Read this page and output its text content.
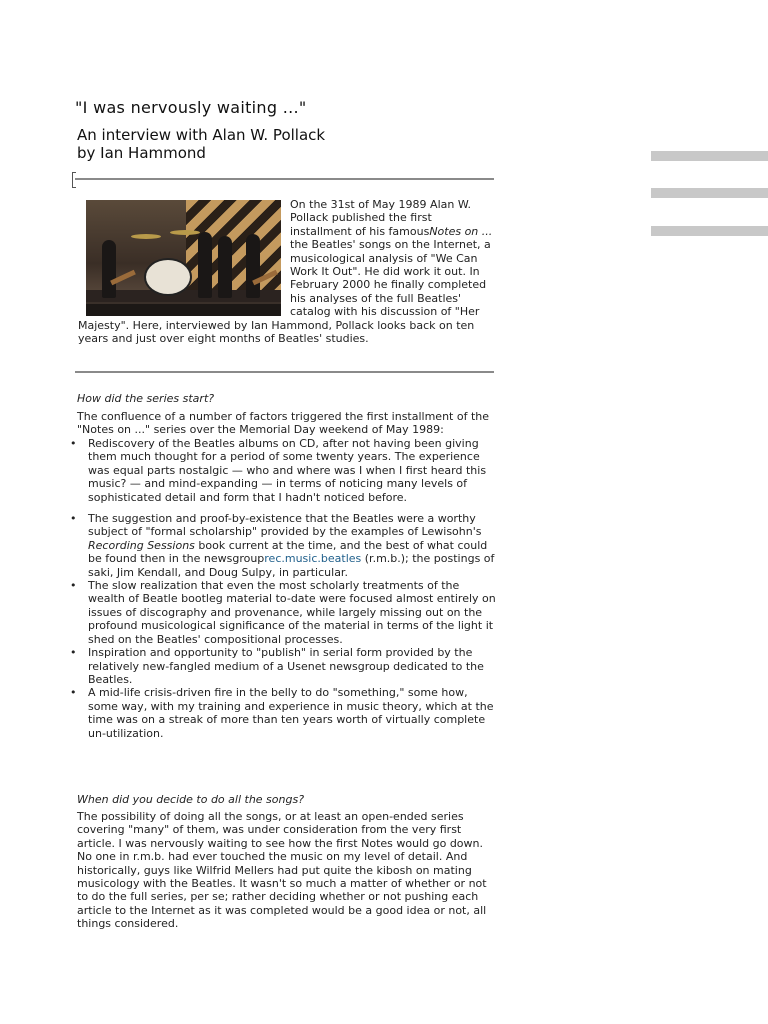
"I was nervously waiting ..."
An interview with Alan W. Pollack
by Ian Hammond
On the 31st of May 1989 Alan W. Pollack published the first installment of his famousNotes on ... the Beatles' songs on the Internet, a musicological analysis of "We Can Work It Out". He did work it out. In February 2000 he finally completed his analyses of the full Beatles' catalog with his discussion of "Her Majesty". Here, interviewed by Ian Hammond, Pollack looks back on ten years and just over eight months of Beatles' studies.
How did the series start?
The confluence of a number of factors triggered the first installment of the "Notes on ..." series over the Memorial Day weekend of May 1989:
• Rediscovery of the Beatles albums on CD, after not having been giving them much thought for a period of some twenty years. The experience was equal parts nostalgic — who and where was I when I first heard this music? — and mind-expanding — in terms of noticing many levels of sophisticated detail and form that I hadn't noticed before.
• The suggestion and proof-by-existence that the Beatles were a worthy subject of "formal scholarship" provided by the examples of Lewisohn's Recording Sessions book current at the time, and the best of what could be found then in the newsgrouprec.music.beatles (r.m.b.); the postings of saki, Jim Kendall, and Doug Sulpy, in particular.
• The slow realization that even the most scholarly treatments of the wealth of Beatle bootleg material to-date were focused almost entirely on issues of discography and provenance, while largely missing out on the profound musicological significance of the material in terms of the light it shed on the Beatles' compositional processes.
• Inspiration and opportunity to "publish" in serial form provided by the relatively new-fangled medium of a Usenet newsgroup dedicated to the Beatles.
• A mid-life crisis-driven fire in the belly to do "something," some how, some way, with my training and experience in music theory, which at the time was on a streak of more than ten years worth of virtually complete un-utilization.
When did you decide to do all the songs?
The possibility of doing all the songs, or at least an open-ended series covering "many" of them, was under consideration from the very first article. I was nervously waiting to see how the first Notes would go down. No one in r.m.b. had ever touched the music on my level of detail. And historically, guys like Wilfrid Mellers had put quite the kibosh on mating musicology with the Beatles. It wasn't so much a matter of whether or not to do the full series, per se; rather deciding whether or not pushing each article to the Internet as it was completed would be a good idea or not, all things considered.
